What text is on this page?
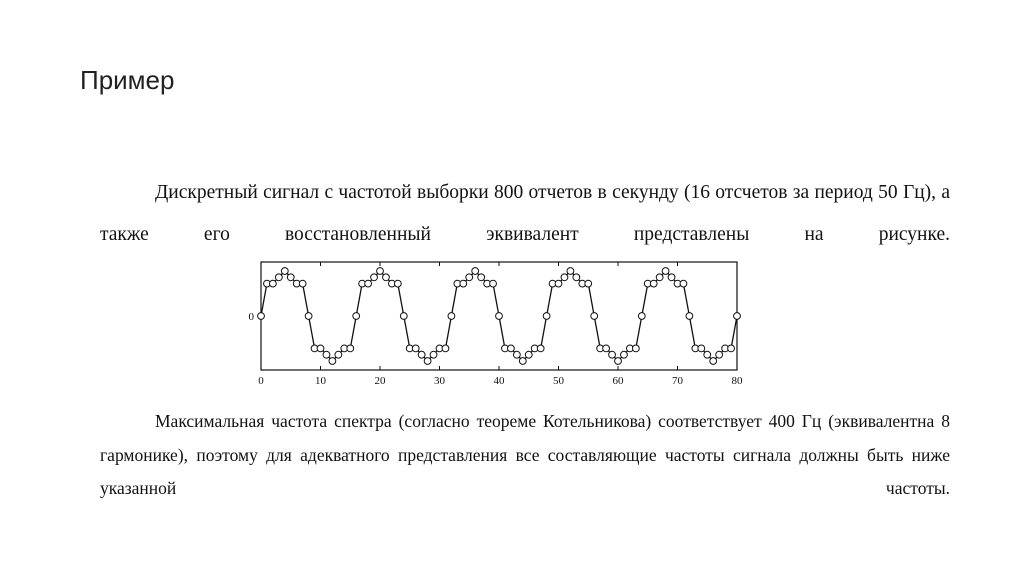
Пример

Дискретный сигнал с частотой выборки 800 отчетов в секунду (16 отсчетов за период 50 Гц), а также его восстановленный эквивалент представлены на рисунке.

0	10	20	30	40	50	60	70	80
0

Максимальная частота спектра (согласно теореме Котельникова) соответствует 400 Гц (эквивалентна 8 гармонике), поэтому для адекватного представления все составляющие частоты сигнала должны быть ниже указанной частоты.
